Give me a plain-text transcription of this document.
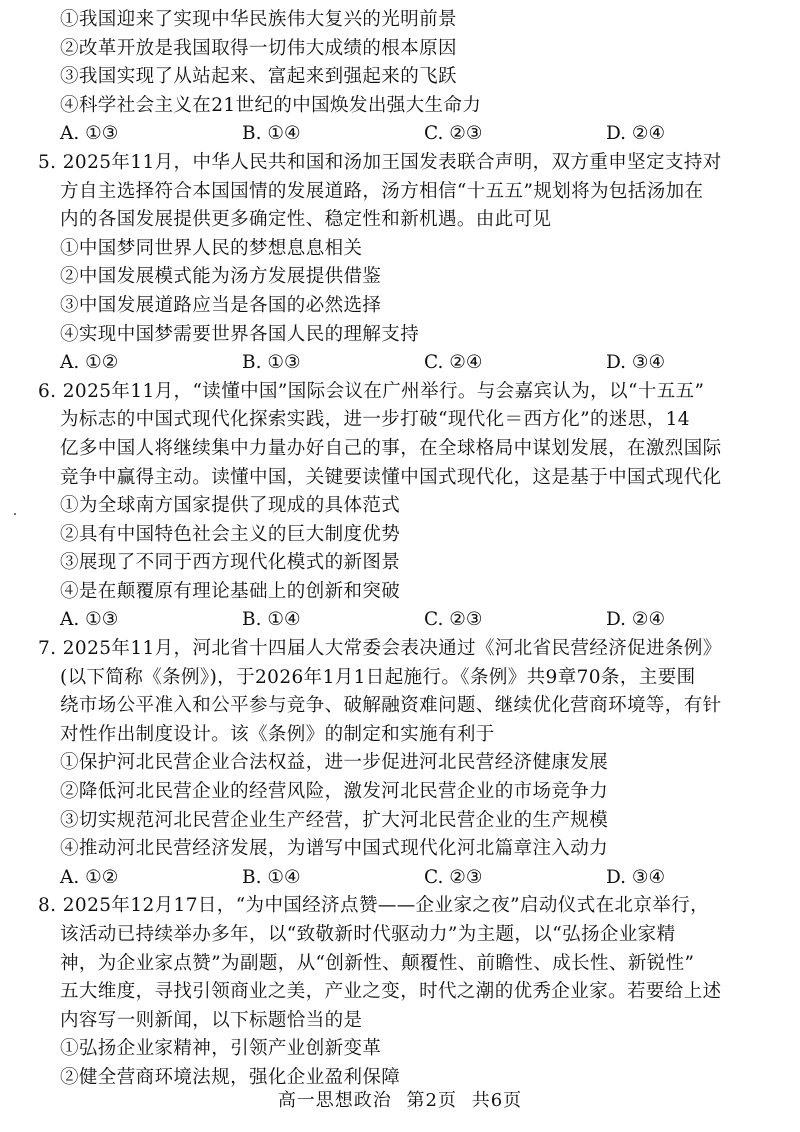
①我国迎来了实现中华民族伟大复兴的光明前景
②改革开放是我国取得一切伟大成绩的根本原因
③我国实现了从站起来、富起来到强起来的飞跃
④科学社会主义在21世纪的中国焕发出强大生命力
A. ①③	B. ①④	C. ②③	D. ②④
5. 2025年11月，中华人民共和国和汤加王国发表联合声明，双方重申坚定支持对
方自主选择符合本国国情的发展道路，汤方相信“十五五”规划将为包括汤加在
内的各国发展提供更多确定性、稳定性和新机遇。由此可见
①中国梦同世界人民的梦想息息相关
②中国发展模式能为汤方发展提供借鉴
③中国发展道路应当是各国的必然选择
④实现中国梦需要世界各国人民的理解支持
A. ①②	B. ①③	C. ②④	D. ③④
6. 2025年11月，“读懂中国”国际会议在广州举行。与会嘉宾认为，以“十五五”
为标志的中国式现代化探索实践，进一步打破“现代化＝西方化”的迷思，14
亿多中国人将继续集中力量办好自己的事，在全球格局中谋划发展，在激烈国际
竞争中赢得主动。读懂中国，关键要读懂中国式现代化，这是基于中国式现代化
①为全球南方国家提供了现成的具体范式
②具有中国特色社会主义的巨大制度优势
③展现了不同于西方现代化模式的新图景
④是在颠覆原有理论基础上的创新和突破
A. ①③	B. ①④	C. ②③	D. ②④
7. 2025年11月，河北省十四届人大常委会表决通过《河北省民营经济促进条例》
(以下简称《条例》)，于2026年1月1日起施行。《条例》共9章70条，主要围
绕市场公平准入和公平参与竞争、破解融资难问题、继续优化营商环境等，有针
对性作出制度设计。该《条例》的制定和实施有利于
①保护河北民营企业合法权益，进一步促进河北民营经济健康发展
②降低河北民营企业的经营风险，激发河北民营企业的市场竞争力
③切实规范河北民营企业生产经营，扩大河北民营企业的生产规模
④推动河北民营经济发展，为谱写中国式现代化河北篇章注入动力
A. ①②	B. ①④	C. ②③	D. ③④
8. 2025年12月17日，“为中国经济点赞——企业家之夜”启动仪式在北京举行，
该活动已持续举办多年，以“致敬新时代驱动力”为主题，以“弘扬企业家精
神，为企业家点赞”为副题，从“创新性、颠覆性、前瞻性、成长性、新锐性”
五大维度，寻找引领商业之美，产业之变，时代之潮的优秀企业家。若要给上述
内容写一则新闻，以下标题恰当的是
①弘扬企业家精神，引领产业创新变革
②健全营商环境法规，强化企业盈利保障
高一思想政治 第2页 共6页
